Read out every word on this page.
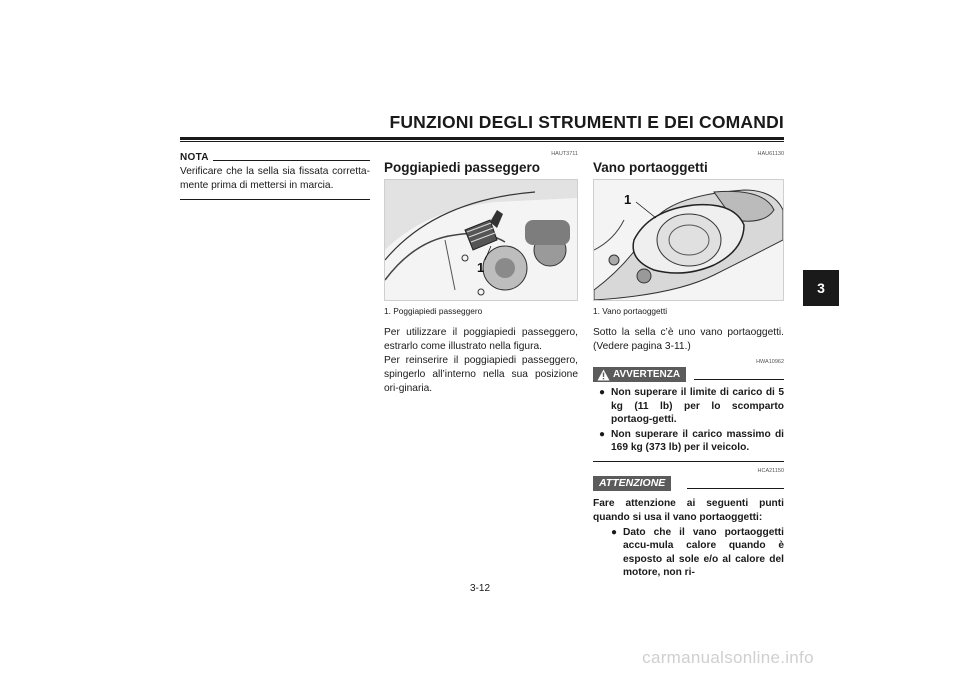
FUNZIONI DEGLI STRUMENTI E DEI COMANDI
3
NOTA

Verificare che la sella sia fissata corretta-mente prima di mettersi in marcia.

HAUT3711
Poggiapiedi passeggero
1
1. Poggiapiedi passeggero

Per utilizzare il poggiapiedi passeggero, estrarlo come illustrato nella figura.

Per reinserire il poggiapiedi passeggero, spingerlo all’interno nella sua posizione ori-ginaria.

HAU61130
Vano portaoggetti
1
1. Vano portaoggetti

Sotto la sella c’è uno vano portaoggetti. (Vedere pagina 3-11.)

HWA10962
AVVERTENZA
● Non superare il limite di carico di 5 kg (11 lb) per lo scomparto portaog-getti.
● Non superare il carico massimo di 169 kg (373 lb) per il veicolo.
HCA21150
ATTENZIONE

Fare attenzione ai seguenti punti quando si usa il vano portaoggetti:

● Dato che il vano portaoggetti accu-mula calore quando è esposto al sole e/o al calore del motore, non ri-
3-12
carmanualsonline.info
